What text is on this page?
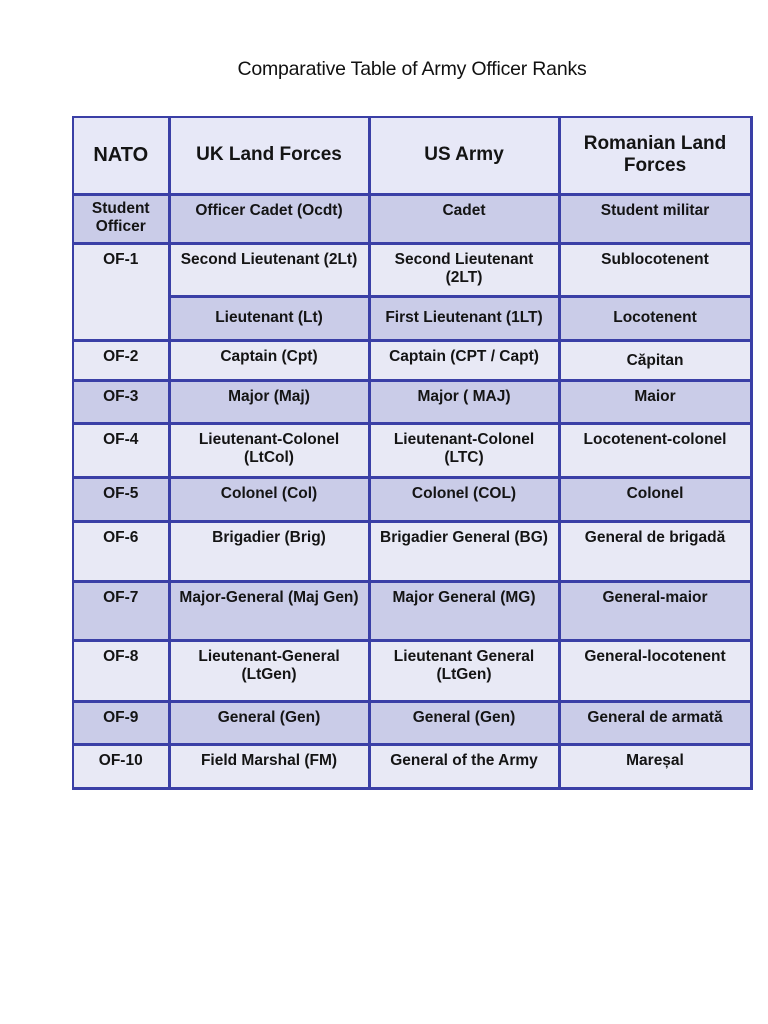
Comparative Table of Army Officer Ranks
NATO	UK Land Forces	US Army	Romanian Land Forces

Student Officer	Officer Cadet (Ocdt)	Cadet	Student militar

OF-1	Second Lieutenant (2Lt)	Second Lieutenant (2LT)	Sublocotenent

	Lieutenant (Lt)	First Lieutenant (1LT)	Locotenent

OF-2	Captain (Cpt)	Captain (CPT / Capt)	Căpitan

OF-3	Major (Maj)	Major ( MAJ)	Maior

OF-4	Lieutenant-Colonel (LtCol)	Lieutenant-Colonel (LTC)	Locotenent-colonel

OF-5	Colonel (Col)	Colonel (COL)	Colonel

OF-6	Brigadier (Brig)	Brigadier General (BG)	General de brigadă

OF-7	Major-General (Maj Gen)	Major General (MG)	General-maior

OF-8	Lieutenant-General (LtGen)	Lieutenant General (LtGen)	General-locotenent

OF-9	General (Gen)	General (Gen)	General de armată

OF-10	Field Marshal (FM)	General of the Army	Mareșal
